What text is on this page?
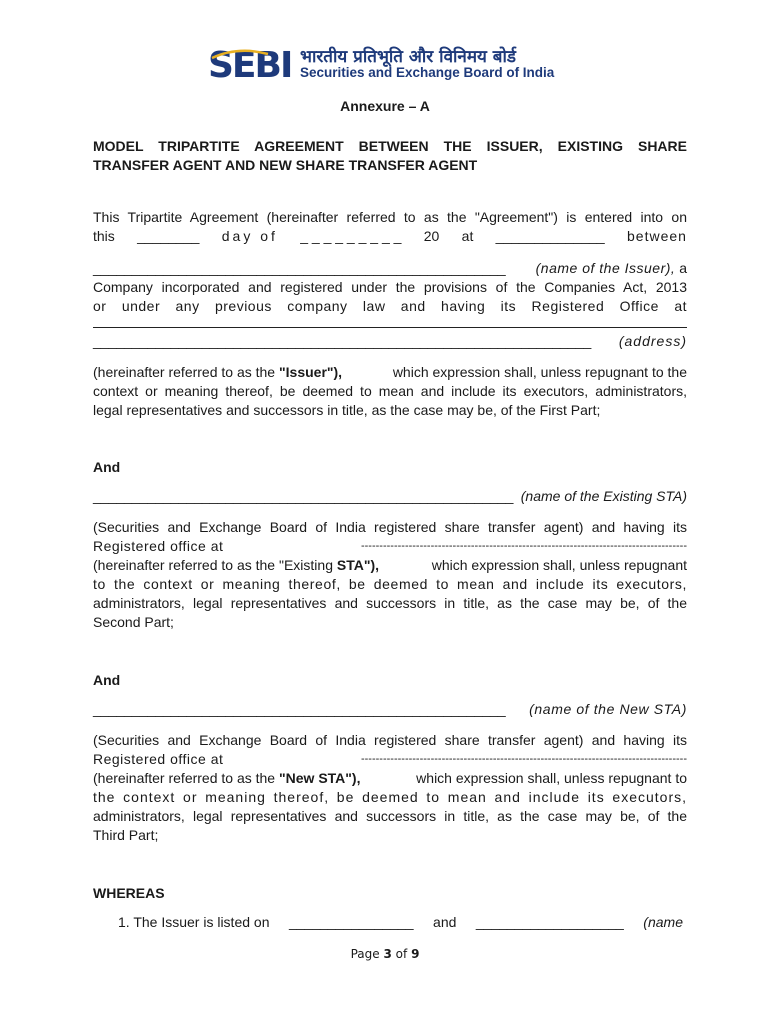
SEBI भारतीय प्रतिभूति और विनिमय बोर्ड
Securities and Exchange Board of India
Annexure – A
MODEL TRIPARTITE AGREEMENT BETWEEN THE ISSUER, EXISTING SHARE
TRANSFER AGENT AND NEW SHARE TRANSFER AGENT
This Tripartite Agreement (hereinafter referred to as the "Agreement") is entered into on
this ________ day of _ _ _ _ _ _ _ _ _ 20 at ______________ between
_____________________________________________________ (name of the Issuer), a
Company incorporated and registered under the provisions of the Companies Act, 2013
or under any previous company law and having its Registered Office at
________________________________________________________________ (address)
(hereinafter referred to as the "Issuer"),	which expression shall, unless repugnant to the
context or meaning thereof, be deemed to mean and include its executors, administrators,
legal representatives and successors in title, as the case may be, of the First Part;
And
______________________________________________________ (name of the Existing STA)
(Securities and Exchange Board of India registered share transfer agent) and having its
Registered office at	-----------------------------------------------------------------------------------------
(hereinafter referred to as the "Existing STA"),	which expression shall, unless repugnant
to the context or meaning thereof, be deemed to mean and include its executors,
administrators, legal representatives and successors in title, as the case may be, of the
Second Part;
And
_____________________________________________________ (name of the New STA)
(Securities and Exchange Board of India registered share transfer agent) and having its
Registered office at	-----------------------------------------------------------------------------------------
(hereinafter referred to as the "New STA"),	which expression shall, unless repugnant to
the context or meaning thereof, be deemed to mean and include its executors,
administrators, legal representatives and successors in title, as the case may be, of the
Third Part;
WHEREAS
1. The Issuer is listed on ________________ and ___________________ (name
Page 3 of 9
